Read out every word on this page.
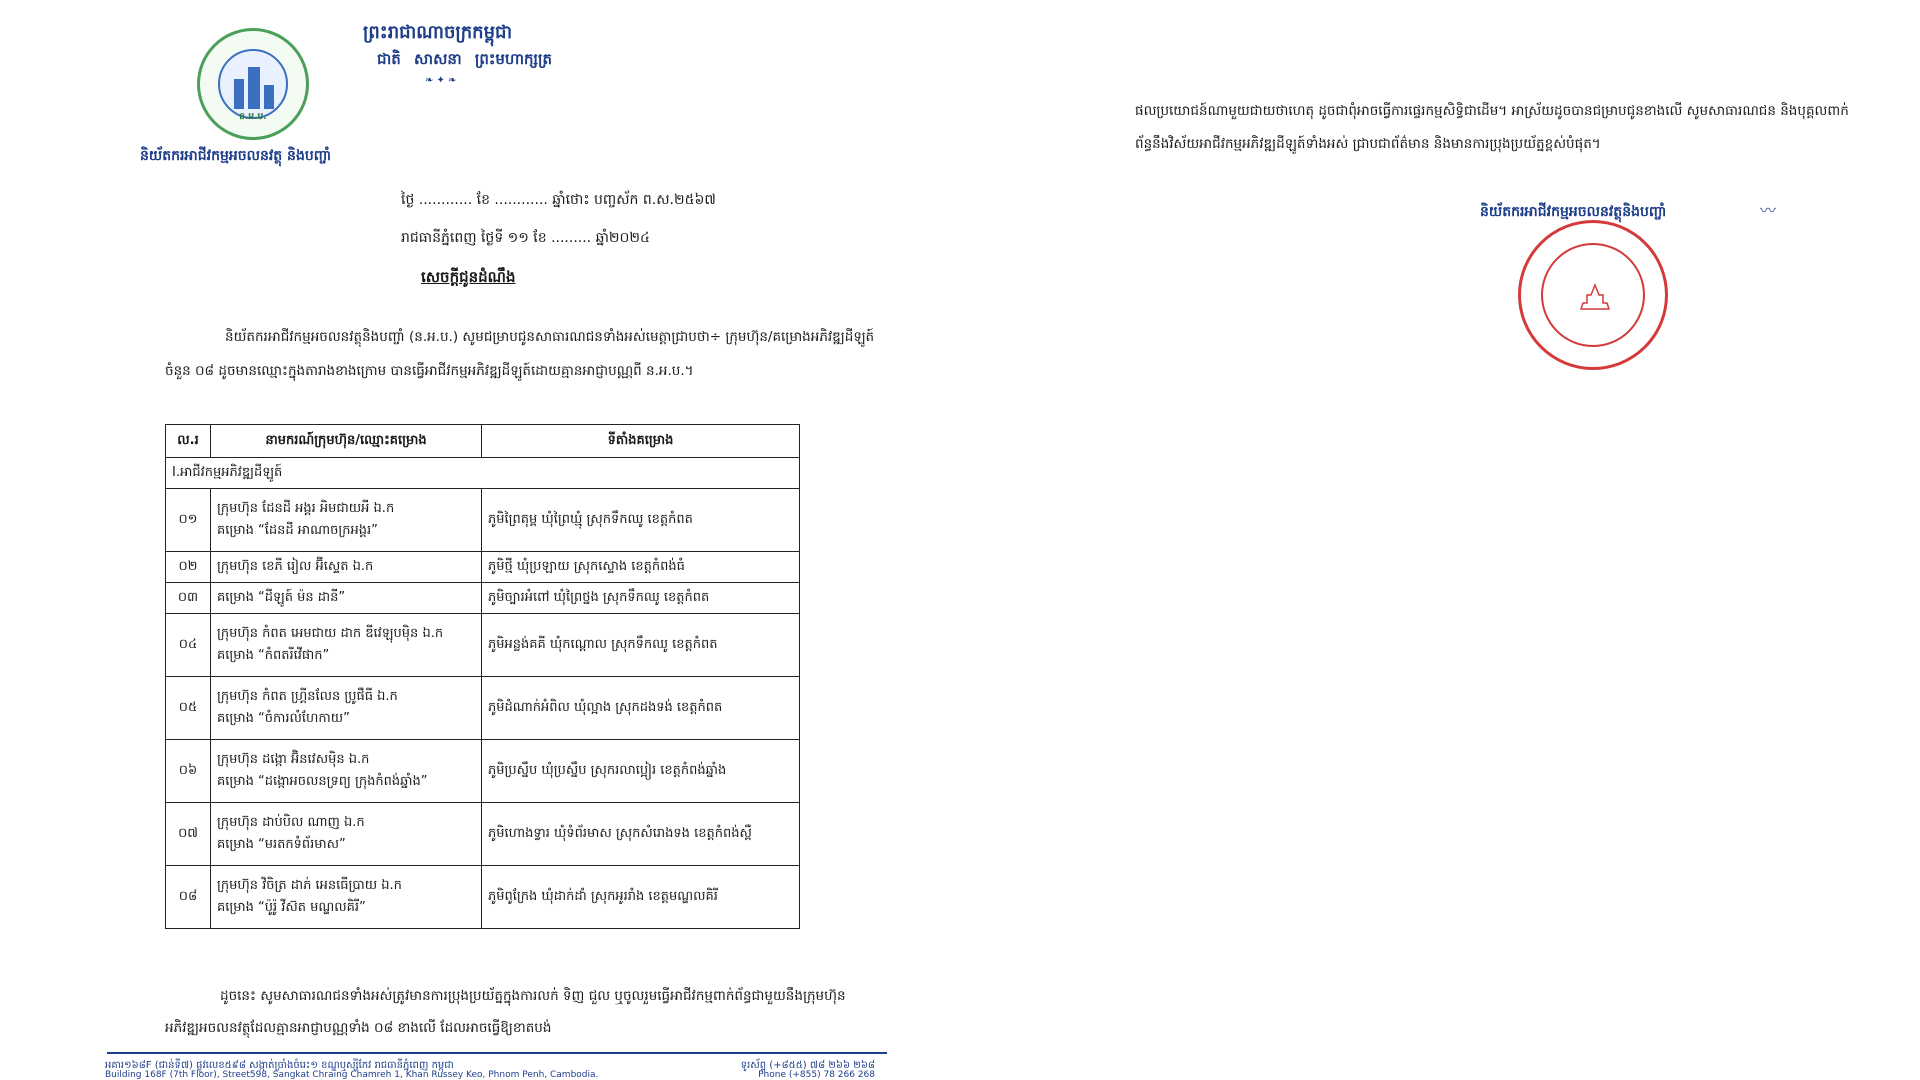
ន.អ.ប.
និយ័តករអាជីវកម្មអចលនវត្ថុ និងបញ្ចាំ
ព្រះរាជាណាចក្រកម្ពុជា
ជាតិ សាសនា ព្រះមហាក្សត្រ
❧ ✦ ❧
ថ្ងៃ ............ ខែ ............ ឆ្នាំថោះ បញ្ចស័ក ព.ស.២៥៦៧
រាជធានីភ្នំពេញ ថ្ងៃទី ១១ ខែ ......... ឆ្នាំ២០២៤
សេចក្ដីជូនដំណឹង
និយ័តករអាជីវកម្មអចលនវត្ថុនិងបញ្ចាំ (ន.អ.ប.) សូមជម្រាបជូនសាធារណជនទាំងអស់មេត្តាជ្រាបថា÷ ក្រុមហ៊ុន/គម្រោងអភិវឌ្ឍដីឡូត៍ចំនួន ០៨ ដូចមានឈ្មោះក្នុងតារាងខាងក្រោម បានធ្វើអាជីវកម្មអភិវឌ្ឍដីឡូត៍ដោយគ្មានអាជ្ញាបណ្ណពី ន.អ.ប.។
ល.រ	នាមករណ៍ក្រុមហ៊ុន/ឈ្មោះគម្រោង	ទីតាំងគម្រោង
I.អាជីវកម្មអភិវឌ្ឍដីឡូត៍		
០១	ក្រុមហ៊ុន ដែនដី អង្គរ អិមជាយអី ឯ.ក
គម្រោង “ដែនដី អាណាចក្រអង្គរ”	ភូមិព្រៃតុម្ព ឃុំព្រៃឃ្មុំ ស្រុកទឹកឈូ ខេត្តកំពត
០២	ក្រុមហ៊ុន ខេភី រៀល អ៊ីស្ទេត ឯ.ក	ភូមិថ្មី ឃុំប្រឡាយ ស្រុកស្ទោង ខេត្តកំពង់ធំ
០៣	គម្រោង “ដីឡូត៍ ម៉ន ដានី”	ភូមិច្បារអំពៅ ឃុំព្រៃថ្នង ស្រុកទឹកឈូ ខេត្តកំពត
០៤	ក្រុមហ៊ុន កំពត អេមជាយ ដាក ឌីវេឡុបម៉ិន ឯ.ក
គម្រោង “កំពតរីវើផាក”	ភូមិអន្លង់គគី ឃុំកណ្ដោល ស្រុកទឹកឈូ ខេត្តកំពត
០៥	ក្រុមហ៊ុន កំពត ហ្គ្រីនលែន ប្រូផឺធី ឯ.ក
គម្រោង “ចំការលំហែកាយ”	ភូមិដំណាក់អំពិល ឃុំល្អាង ស្រុកដងទង់ ខេត្តកំពត
០៦	ក្រុមហ៊ុន ដង្កោ អ៊ិនវេសម៉ិន ឯ.ក
គម្រោង “ដង្កោអចលនទ្រព្យ ក្រុងកំពង់ឆ្នាំង”	ភូមិប្រស្នឹប ឃុំប្រស្នឹប ស្រុករលាប្អៀរ ខេត្តកំពង់ឆ្នាំង
០៧	ក្រុមហ៊ុន ដាប់បិល ណាញ ឯ.ក
គម្រោង “មរតកទំព័រមាស”	ភូមិហោងទ្វារ ឃុំទំព័រមាស ស្រុកសំរោងទង ខេត្តកំពង់ស្ពឺ
០៨	ក្រុមហ៊ុន វិចិត្រ ដាភ់ អេនធើប្រាយ ឯ.ក
គម្រោង “ប៉ូរ៉ូ វីស៊ត មណ្ឌលគិរី”	ភូមិពូក្រែង ឃុំដាក់ដាំ ស្រុកអូររាំង ខេត្តមណ្ឌលគិរី
ដូចនេះ សូមសាធារណជនទាំងអស់ត្រូវមានការប្រុងប្រយ័ត្នក្នុងការលក់ ទិញ ជួល ឬចូលរួមធ្វើអាជីវកម្មពាក់ព័ន្ធជាមួយនឹងក្រុមហ៊ុនអភិវឌ្ឍអចលនវត្ថុដែលគ្មានអាជ្ញាបណ្ណទាំង ០៨ ខាងលើ ដែលអាចធ្វើឱ្យខាតបង់
អគារ១៦៨F (ជាន់ទី៧) ផ្លូវលេខ៥៩៨ សង្កាត់ច្រាំងចំរេះ១ ខណ្ឌឬស្សីកែវ រាជធានីភ្នំពេញ កម្ពុជា
Building 168F (7th Floor), Street598, Sangkat Chraing Chamreh 1, Khan Russey Keo, Phnom Penh, Cambodia.
ទូរស័ព្ទ (+៨៥៥) ៧៨ ២៦៦ ២៦៨
Phone (+855) 78 266 268
ផលប្រយោជន៍ណាមួយជាយថាហេតុ ដូចជាពុំអាចធ្វើការផ្ទេរកម្មសិទ្ធិជាដើម។ អាស្រ័យដូចបានជម្រាបជូនខាងលើ សូមសាធារណជន និងបុគ្គលពាក់ព័ន្ធនឹងវិស័យអាជីវកម្មអភិវឌ្ឍដីឡូត៍ទាំងអស់ ជ្រាបជាព័ត៌មាន និងមានការប្រុងប្រយ័ត្នខ្ពស់បំផុត។
និយ័តករអាជីវកម្មអចលនវត្ថុនិងបញ្ចាំ	〰
